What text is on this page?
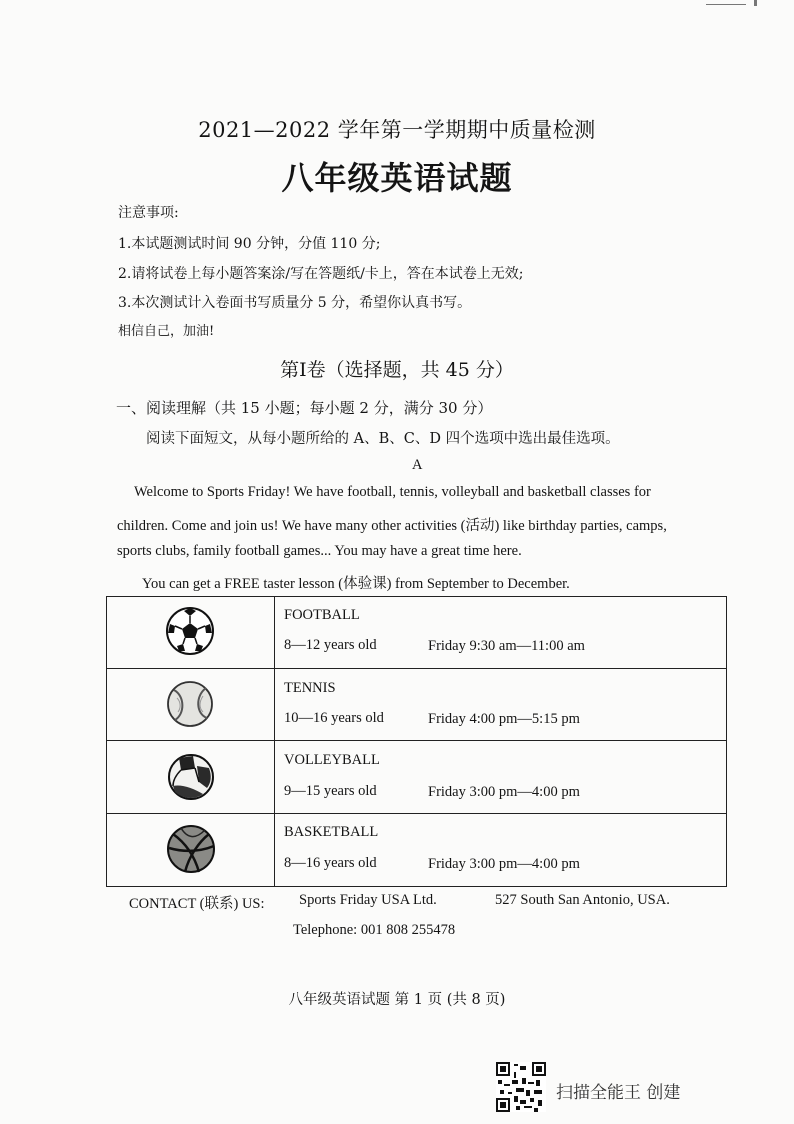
2021—2022 学年第一学期期中质量检测
八年级英语试题
注意事项:
1.本试题测试时间 90 分钟，分值 110 分;
2.请将试卷上每小题答案涂/写在答题纸/卡上，答在本试卷上无效;
3.本次测试计入卷面书写质量分 5 分，希望你认真书写。
相信自己，加油!
第I卷（选择题，共 45 分）
一、阅读理解（共 15 小题；每小题 2 分，满分 30 分）
阅读下面短文，从每小题所给的 A、B、C、D 四个选项中选出最佳选项。
A
Welcome to Sports Friday! We have football, tennis, volleyball and basketball classes for
children. Come and join us! We have many other activities (活动) like birthday parties, camps,
sports clubs, family football games... You may have a great time here.
You can get a FREE taster lesson (体验课) from September to December.
FOOTBALL
8—12 years old	Friday 9:30 am—11:00 am
TENNIS
10—16 years old	Friday 4:00 pm—5:15 pm
VOLLEYBALL
9—15 years old	Friday 3:00 pm—4:00 pm
BASKETBALL
8—16 years old	Friday 3:00 pm—4:00 pm
CONTACT (联系) US: Sports Friday USA Ltd.	527 South San Antonio, USA.
Telephone: 001 808 255478
八年级英语试题 第 1 页 (共 8 页)
扫描全能王 创建
